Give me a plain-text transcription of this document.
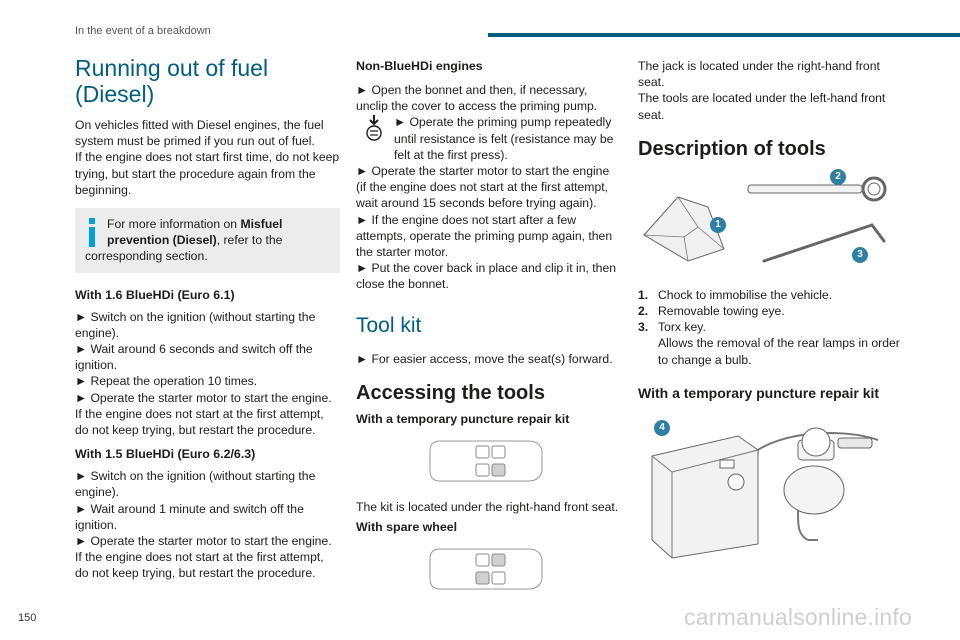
In the event of a breakdown
Running out of fuel (Diesel)

On vehicles fitted with Diesel engines, the fuel system must be primed if you run out of fuel.

If the engine does not start first time, do not keep trying, but start the procedure again from the beginning.

For more information on Misfuel prevention (Diesel), refer to the corresponding section.
With 1.6 BlueHDi (Euro 6.1)

► Switch on the ignition (without starting the engine).

► Wait around 6 seconds and switch off the ignition.

► Repeat the operation 10 times.

► Operate the starter motor to start the engine.

If the engine does not start at the first attempt, do not keep trying, but restart the procedure.

With 1.5 BlueHDi (Euro 6.2/6.3)

► Switch on the ignition (without starting the engine).

► Wait around 1 minute and switch off the ignition.

► Operate the starter motor to start the engine.

If the engine does not start at the first attempt, do not keep trying, but restart the procedure.

Non-BlueHDi engines

► Open the bonnet and then, if necessary, unclip the cover to access the priming pump.

► Operate the priming pump repeatedly until resistance is felt (resistance may be felt at the first press).

► Operate the starter motor to start the engine (if the engine does not start at the first attempt, wait around 15 seconds before trying again).

► If the engine does not start after a few attempts, operate the priming pump again, then the starter motor.

► Put the cover back in place and clip it in, then close the bonnet.

Tool kit

► For easier access, move the seat(s) forward.

Accessing the tools
With a temporary puncture repair kit

The kit is located under the right-hand front seat.

With spare wheel

The jack is located under the right-hand front seat.

The tools are located under the left-hand front seat.

Description of tools
1
2
3
1. Chock to immobilise the vehicle.
2. Removable towing eye.
3. Torx key.
Allows the removal of the rear lamps in order to change a bulb.
With a temporary puncture repair kit
4
150	carmanualsonline.info
